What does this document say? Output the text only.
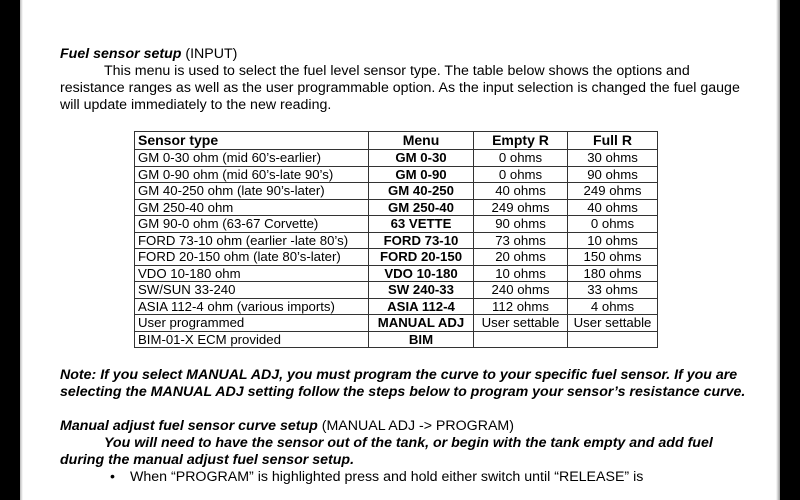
Fuel sensor setup (INPUT)

This menu is used to select the fuel level sensor type. The table below shows the options and resistance ranges as well as the user programmable option. As the input selection is changed the fuel gauge will update immediately to the new reading.

Sensor type	Menu	Empty R	Full R
GM 0-30 ohm (mid 60’s-earlier)	GM 0-30	0 ohms	30 ohms
GM 0-90 ohm (mid 60’s-late 90’s)	GM 0-90	0 ohms	90 ohms
GM 40-250 ohm (late 90’s-later)	GM 40-250	40 ohms	249 ohms
GM 250-40 ohm	GM 250-40	249 ohms	40 ohms
GM 90-0 ohm (63-67 Corvette)	63 VETTE	90 ohms	0 ohms
FORD 73-10 ohm (earlier -late 80’s)	FORD 73-10	73 ohms	10 ohms
FORD 20-150 ohm (late 80’s-later)	FORD 20-150	20 ohms	150 ohms
VDO 10-180 ohm	VDO 10-180	10 ohms	180 ohms
SW/SUN 33-240	SW 240-33	240 ohms	33 ohms
ASIA 112-4 ohm (various imports)	ASIA 112-4	112 ohms	4 ohms
User programmed	MANUAL ADJ	User settable	User settable
BIM-01-X ECM provided	BIM		

Note: If you select MANUAL ADJ, you must program the curve to your specific fuel sensor. If you are selecting the MANUAL ADJ setting follow the steps below to program your sensor’s resistance curve.

Manual adjust fuel sensor curve setup (MANUAL ADJ -> PROGRAM)

You will need to have the sensor out of the tank, or begin with the tank empty and add fuel during the manual adjust fuel sensor setup.

• When “PROGRAM” is highlighted press and hold either switch until “RELEASE” is
